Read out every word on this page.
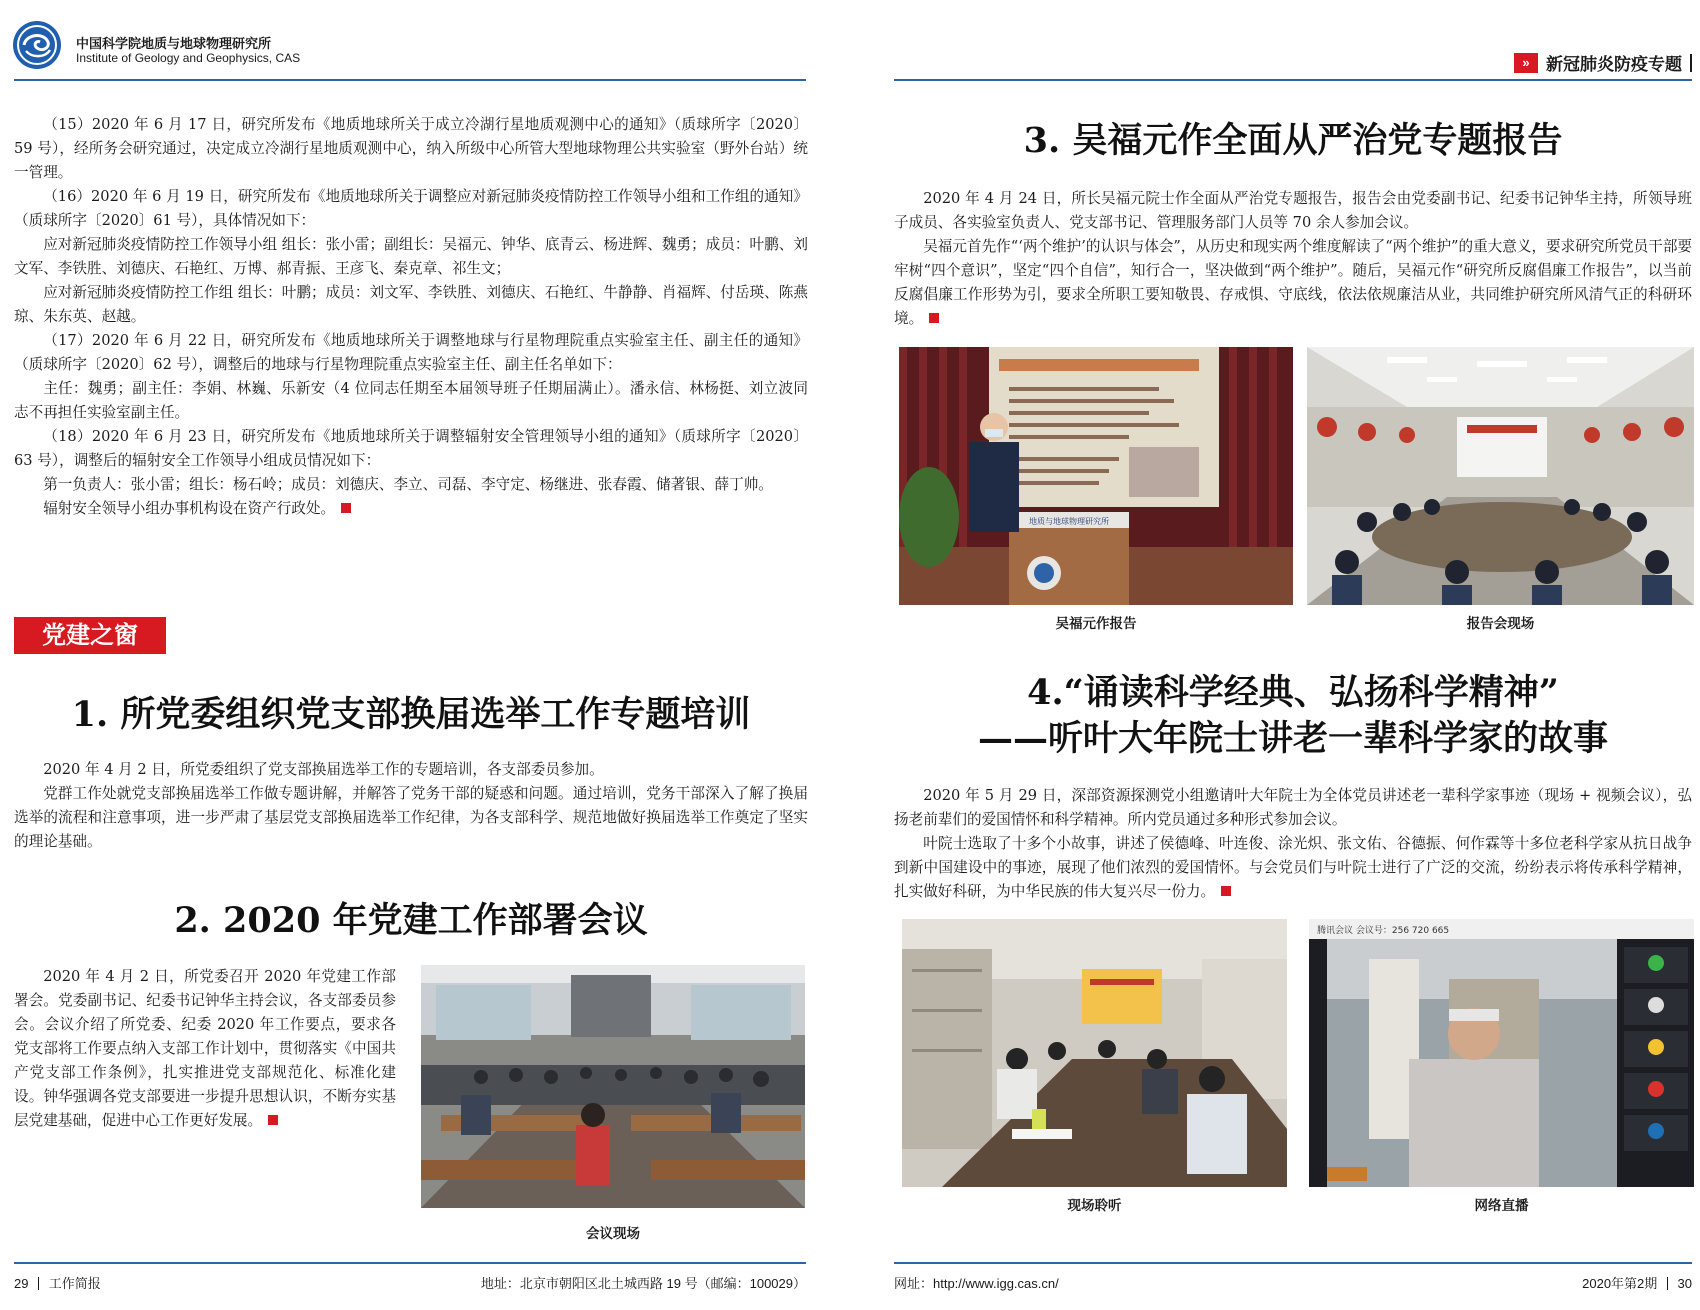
中国科学院地质与地球物理研究所
Institute of Geology and Geophysics, CAS

（15）2020 年 6 月 17 日，研究所发布《地质地球所关于成立冷湖行星地质观测中心的通知》（质球所字〔2020〕59 号），经所务会研究通过，决定成立冷湖行星地质观测中心，纳入所级中心所管大型地球物理公共实验室（野外台站）统一管理。

（16）2020 年 6 月 19 日，研究所发布《地质地球所关于调整应对新冠肺炎疫情防控工作领导小组和工作组的通知》（质球所字〔2020〕61 号），具体情况如下：

应对新冠肺炎疫情防控工作领导小组 组长：张小雷；副组长：吴福元、钟华、底青云、杨进辉、魏勇；成员：叶鹏、刘文军、李铁胜、刘德庆、石艳红、万博、郝青振、王彦飞、秦克章、祁生文；

应对新冠肺炎疫情防控工作组 组长：叶鹏；成员：刘文军、李铁胜、刘德庆、石艳红、牛静静、肖福辉、付岳瑛、陈燕琼、朱东英、赵越。

（17）2020 年 6 月 22 日，研究所发布《地质地球所关于调整地球与行星物理院重点实验室主任、副主任的通知》（质球所字〔2020〕62 号），调整后的地球与行星物理院重点实验室主任、副主任名单如下：

主任：魏勇；副主任：李娟、林巍、乐新安（4 位同志任期至本届领导班子任期届满止）。潘永信、林杨挺、刘立波同志不再担任实验室副主任。

（18）2020 年 6 月 23 日，研究所发布《地质地球所关于调整辐射安全管理领导小组的通知》（质球所字〔2020〕63 号），调整后的辐射安全工作领导小组成员情况如下：

第一负责人：张小雷；组长：杨石岭；成员：刘德庆、李立、司磊、李守定、杨继进、张春霞、储著银、薛丁帅。

辐射安全领导小组办事机构设在资产行政处。

党建之窗
1. 所党委组织党支部换届选举工作专题培训

2020 年 4 月 2 日，所党委组织了党支部换届选举工作的专题培训，各支部委员参加。

党群工作处就党支部换届选举工作做专题讲解，并解答了党务干部的疑惑和问题。通过培训，党务干部深入了解了换届选举的流程和注意事项，进一步严肃了基层党支部换届选举工作纪律，为各支部科学、规范地做好换届选举工作奠定了坚实的理论基础。

2. 2020 年党建工作部署会议

2020 年 4 月 2 日，所党委召开 2020 年党建工作部署会。党委副书记、纪委书记钟华主持会议，各支部委员参会。会议介绍了所党委、纪委 2020 年工作要点，要求各党支部将工作要点纳入支部工作计划中，贯彻落实《中国共产党支部工作条例》，扎实推进党支部规范化、标准化建设。钟华强调各党支部要进一步提升思想认识，不断夯实基层党建基础，促进中心工作更好发展。

会议现场
29 工作简报	地址：北京市朝阳区北土城西路 19 号（邮编：100029）
» 新冠肺炎防疫专题
3. 吴福元作全面从严治党专题报告

2020 年 4 月 24 日，所长吴福元院士作全面从严治党专题报告，报告会由党委副书记、纪委书记钟华主持，所领导班子成员、各实验室负责人、党支部书记、管理服务部门人员等 70 余人参加会议。

吴福元首先作“‘两个维护’的认识与体会”，从历史和现实两个维度解读了“两个维护”的重大意义，要求研究所党员干部要牢树“四个意识”，坚定“四个自信”，知行合一，坚决做到“两个维护”。随后，吴福元作“研究所反腐倡廉工作报告”，以当前反腐倡廉工作形势为引，要求全所职工要知敬畏、存戒惧、守底线，依法依规廉洁从业，共同维护研究所风清气正的科研环境。

地质与地球物理研究所
吴福元作报告	报告会现场
4.“诵读科学经典、弘扬科学精神”
——听叶大年院士讲老一辈科学家的故事

2020 年 5 月 29 日，深部资源探测党小组邀请叶大年院士为全体党员讲述老一辈科学家事迹（现场 + 视频会议），弘扬老前辈们的爱国情怀和科学精神。所内党员通过多种形式参加会议。

叶院士选取了十多个小故事，讲述了侯德峰、叶连俊、涂光炽、张文佑、谷德振、何作霖等十多位老科学家从抗日战争到新中国建设中的事迹，展现了他们浓烈的爱国情怀。与会党员们与叶院士进行了广泛的交流，纷纷表示将传承科学精神，扎实做好科研，为中华民族的伟大复兴尽一份力。

腾讯会议 会议号：256 720 665
现场聆听	网络直播
网址：http://www.igg.cas.cn/	2020年第2期 30
